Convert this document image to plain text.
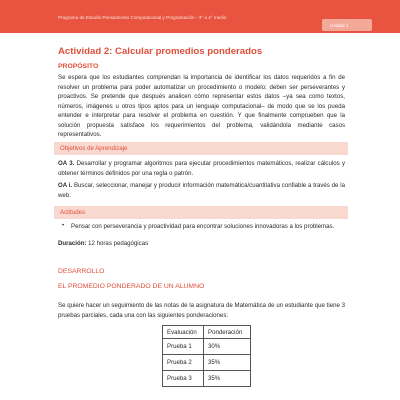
Programa de Estudio Pensamiento Computacional y Programación - 3° a 4° medio
Unidad 1
Actividad 2: Calcular promedios ponderados
PROPÓSITO
Se espera que los estudiantes comprendan la importancia de identificar los datos requeridos a fin de resolver un problema para poder automatizar un procedimiento o modelo; deben ser perseverantes y proactivos. Se pretende que después analicen cómo representar estos datos –ya sea como textos, números, imágenes u otros tipos aptos para un lenguaje computacional– de modo que se los pueda entender e interpretar para resolver el problema en cuestión. Y que finalmente comprueben que la solución propuesta satisface los requerimientos del problema, validándola mediante casos representativos.
Objetivos de Aprendizaje
OA 3. Desarrollar y programar algoritmos para ejecutar procedimientos matemáticos, realizar cálculos y obtener términos definidos por una regla o patrón.
OA i. Buscar, seleccionar, manejar y producir información matemática/cuantitativa confiable a través de la web.
Actitudes
•	Pensar con perseverancia y proactividad para encontrar soluciones innovadoras a los problemas.
Duración: 12 horas pedagógicas
DESARROLLO
EL PROMEDIO PONDERADO DE UN ALUMNO
Se quiere hacer un seguimiento de las notas de la asignatura de Matemática de un estudiante que tiene 3 pruebas parciales, cada una con las siguientes ponderaciones:
Evaluación	Ponderación
Prueba 1	30%
Prueba 2	35%
Prueba 3	35%
